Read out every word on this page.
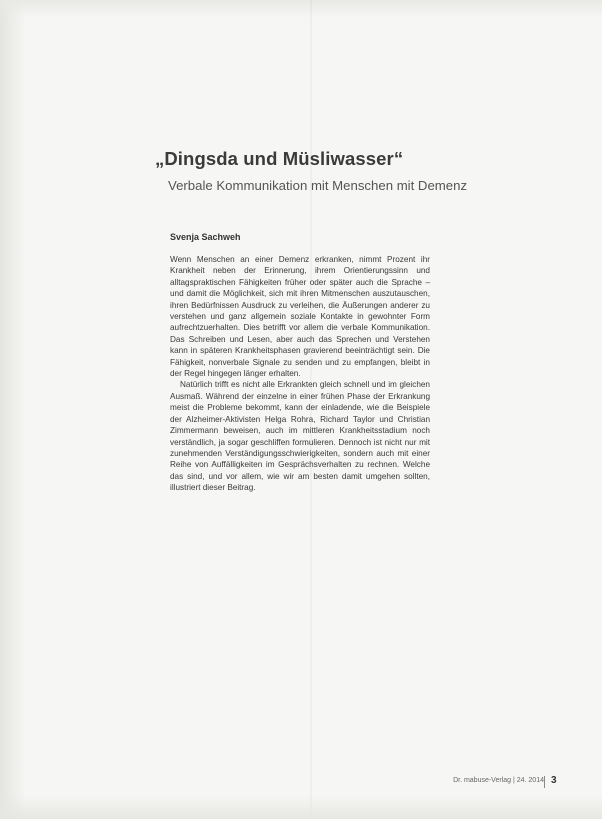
„Dingsda und Müsliwasser“
Verbale Kommunikation mit Menschen mit Demenz
Svenja Sachweh

Wenn Menschen an einer Demenz erkranken, nimmt Prozent ihr Krankheit neben der Erinnerung, ihrem Orientierungssinn und alltagspraktischen Fähigkeiten früher oder später auch die Sprache – und damit die Möglichkeit, sich mit ihren Mitmenschen auszutauschen, ihren Bedürfnissen Ausdruck zu verleihen, die Äußerungen anderer zu verstehen und ganz allgemein soziale Kontakte in gewohnter Form aufrechtzuerhalten. Dies betrifft vor allem die verbale Kommunikation. Das Schreiben und Lesen, aber auch das Sprechen und Verstehen kann in späteren Krankheitsphasen gravierend beeinträchtigt sein. Die Fähigkeit, nonverbale Signale zu senden und zu empfangen, bleibt in der Regel hingegen länger erhalten.

Natürlich trifft es nicht alle Erkrankten gleich schnell und im gleichen Ausmaß. Während der einzelne in einer frühen Phase der Erkrankung meist die Probleme bekommt, kann der einladende, wie die Beispiele der Alzheimer-Aktivisten Helga Rohra, Richard Taylor und Christian Zimmermann beweisen, auch im mittleren Krankheitsstadium noch verständlich, ja sogar geschliffen formulieren. Dennoch ist nicht nur mit zunehmenden Verständigungsschwierigkeiten, sondern auch mit einer Reihe von Auffälligkeiten im Gesprächsverhalten zu rechnen. Welche das sind, und vor allem, wie wir am besten damit umgehen sollten, illustriert dieser Beitrag.

Dr. mabuse-Verlag | 24. 2014 3
